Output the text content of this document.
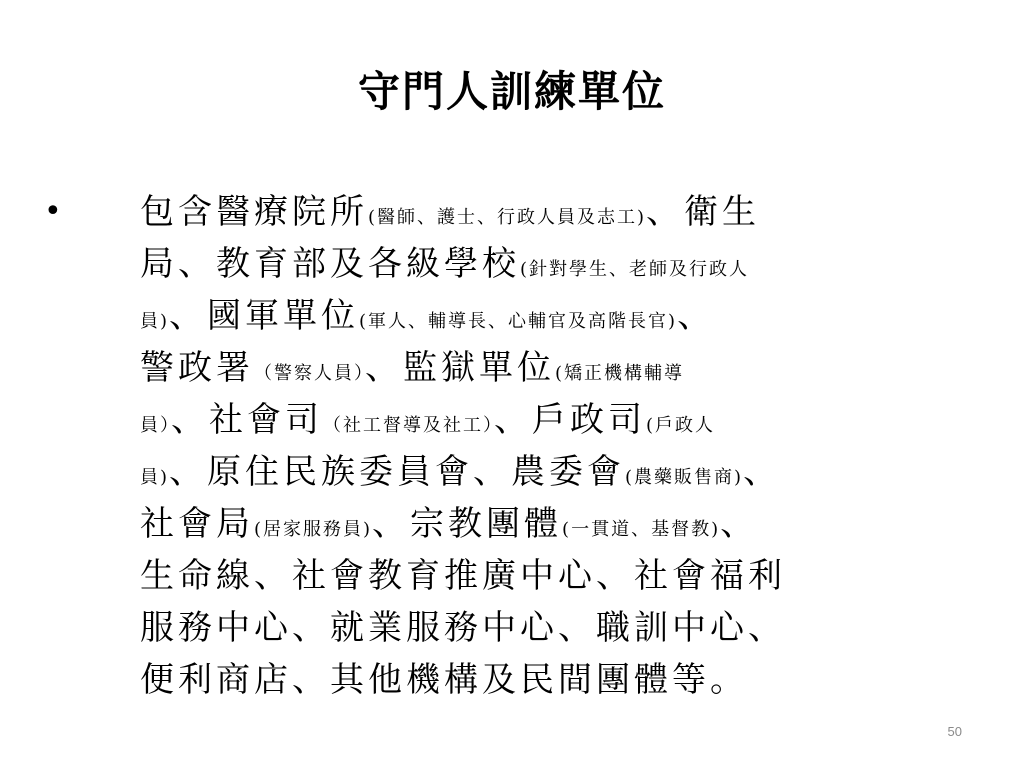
守門人訓練單位
• 包含醫療院所(醫師、護士、行政人員及志工)、衛生
局、教育部及各級學校(針對學生、老師及行政人
員)、國軍單位(軍人、輔導長、心輔官及高階長官)、
警政署（警察人員）、監獄單位(矯正機構輔導
員）、社會司（社工督導及社工）、戶政司(戶政人
員)、原住民族委員會、農委會(農藥販售商)、
社會局(居家服務員)、宗教團體(一貫道、基督教)、
生命線、社會教育推廣中心、社會福利
服務中心、就業服務中心、職訓中心、
便利商店、其他機構及民間團體等。
50
